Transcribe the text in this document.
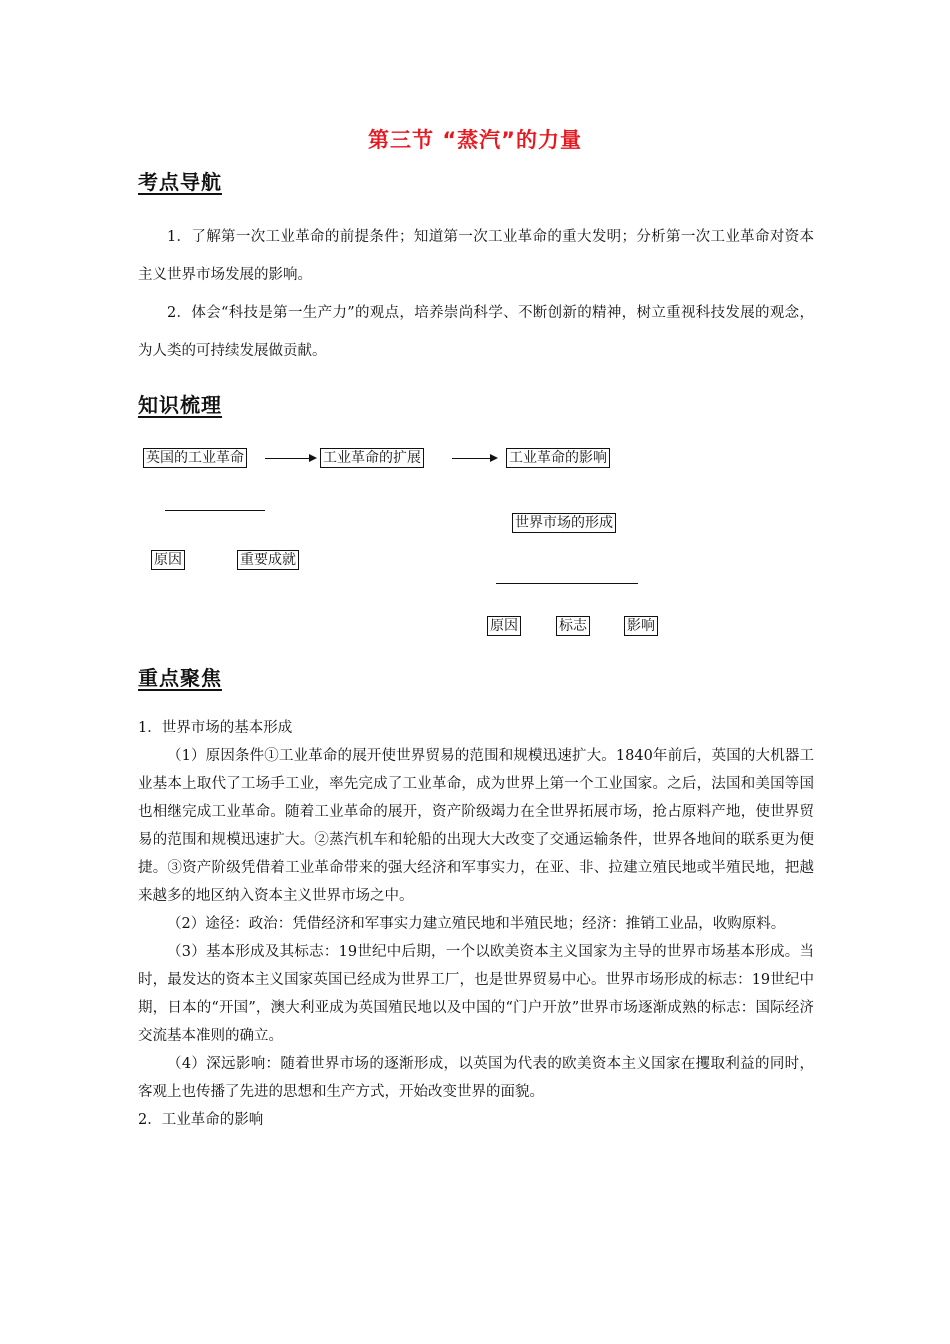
第三节 “蒸汽”的力量
考点导航
1．了解第一次工业革命的前提条件；知道第一次工业革命的重大发明；分析第一次工业革命对资本主义世界市场发展的影响。
2．体会“科技是第一生产力”的观点，培养崇尚科学、不断创新的精神，树立重视科技发展的观念，为人类的可持续发展做贡献。
知识梳理
英国的工业革命	工业革命的扩展	工业革命的影响
世界市场的形成
原因	重要成就
原因	标志	影响
重点聚焦

1．世界市场的基本形成

（1）原因条件①工业革命的展开使世界贸易的范围和规模迅速扩大。1840年前后，英国的大机器工业基本上取代了工场手工业，率先完成了工业革命，成为世界上第一个工业国家。之后，法国和美国等国也相继完成工业革命。随着工业革命的展开，资产阶级竭力在全世界拓展市场，抢占原料产地，使世界贸易的范围和规模迅速扩大。②蒸汽机车和轮船的出现大大改变了交通运输条件，世界各地间的联系更为便捷。③资产阶级凭借着工业革命带来的强大经济和军事实力，在亚、非、拉建立殖民地或半殖民地，把越来越多的地区纳入资本主义世界市场之中。

（2）途径：政治：凭借经济和军事实力建立殖民地和半殖民地；经济：推销工业品，收购原料。

（3）基本形成及其标志：19世纪中后期，一个以欧美资本主义国家为主导的世界市场基本形成。当时，最发达的资本主义国家英国已经成为世界工厂，也是世界贸易中心。世界市场形成的标志：19世纪中期，日本的“开国”，澳大利亚成为英国殖民地以及中国的“门户开放”世界市场逐渐成熟的标志：国际经济交流基本准则的确立。

（4）深远影响：随着世界市场的逐渐形成，以英国为代表的欧美资本主义国家在攫取利益的同时，客观上也传播了先进的思想和生产方式，开始改变世界的面貌。

2．工业革命的影响
